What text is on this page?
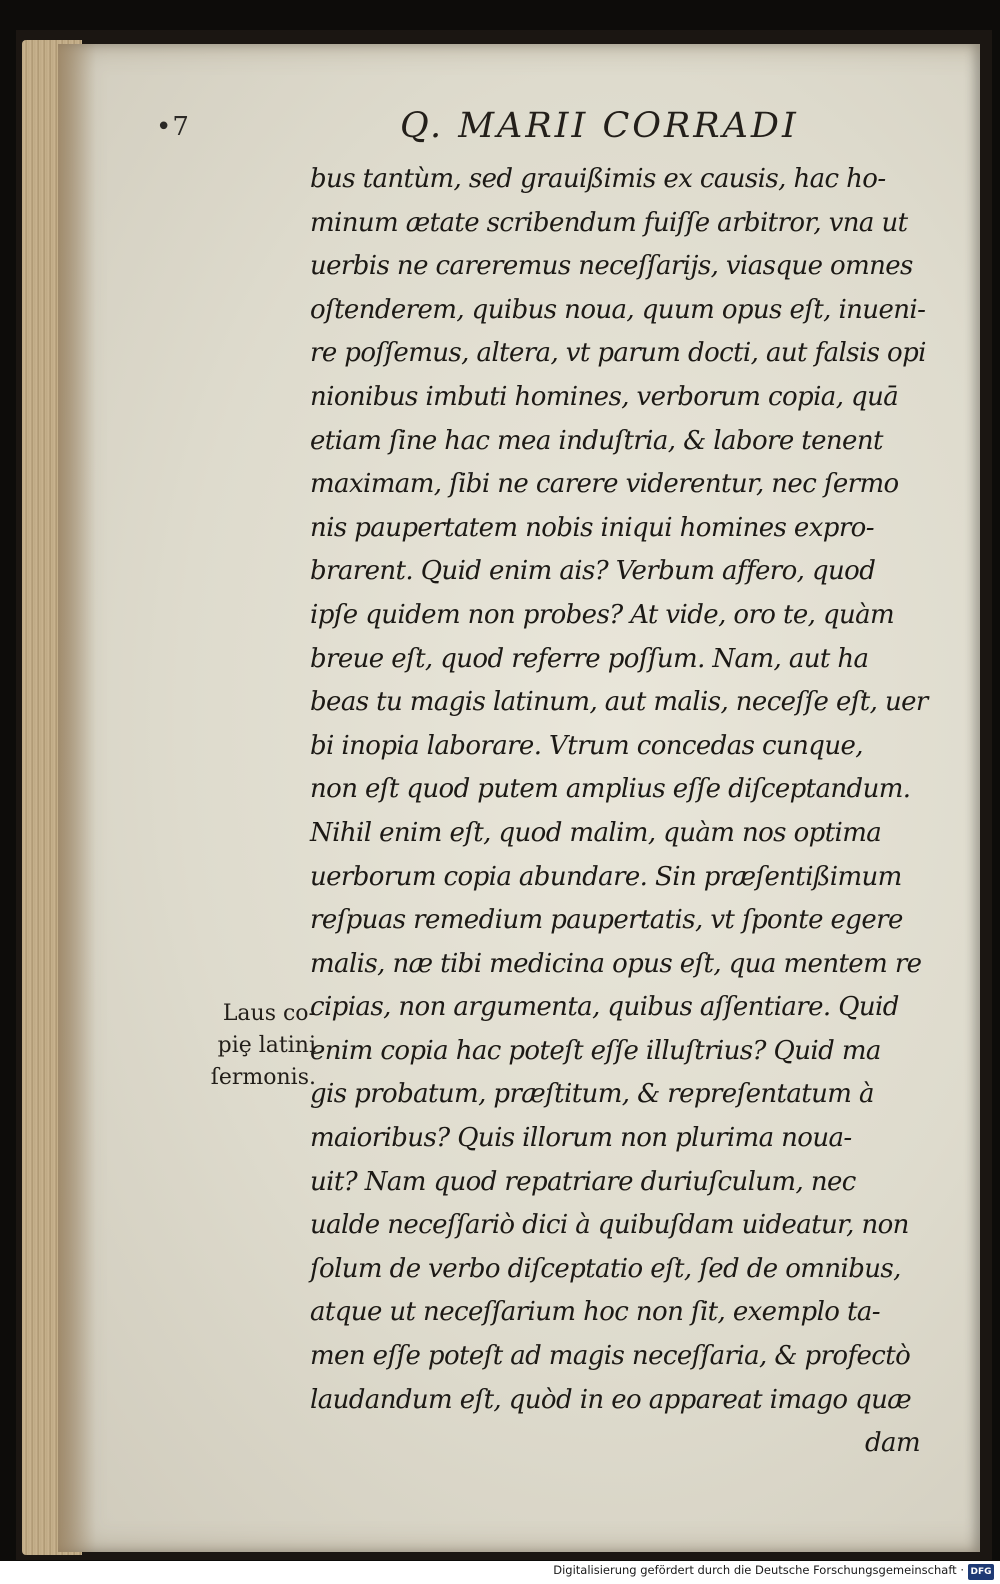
•7	Q. MARII CORRADI
bus tantùm, sed grauißimis ex causis, hac ho-
minum ætate scribendum fuiſſe arbitror, vna ut
uerbis ne careremus neceſſarijs, viasque omnes
oſtenderem, quibus noua, quum opus eſt, inueni-
re poſſemus, altera, vt parum docti, aut falsis opi
nionibus imbuti homines, verborum copia, quā
etiam ſine hac mea induſtria, & labore tenent
maximam, ſibi ne carere viderentur, nec ſermo
nis paupertatem nobis iniqui homines expro-
brarent. Quid enim ais? Verbum affero, quod
ipſe quidem non probes? At vide, oro te, quàm
breue eſt, quod referre poſſum. Nam, aut ha
beas tu magis latinum, aut malis, neceſſe eſt, uer
bi inopia laborare. Vtrum concedas cunque,
non eſt quod putem amplius eſſe diſceptandum.
Nihil enim eſt, quod malim, quàm nos optima
uerborum copia abundare. Sin præſentißimum
reſpuas remedium paupertatis, vt ſponte egere
malis, næ tibi medicina opus eſt, qua mentem re
cipias, non argumenta, quibus aſſentiare. Quid
enim copia hac poteſt eſſe illuſtrius? Quid ma
gis probatum, præſtitum, & repreſentatum à
maioribus? Quis illorum non plurima noua-
uit? Nam quod repatriare duriuſculum, nec
ualde neceſſariò dici à quibuſdam uideatur, non
ſolum de verbo diſceptatio eſt, ſed de omnibus,
atque ut neceſſarium hoc non ſit, exemplo ta-
men eſſe poteſt ad magis neceſſaria, & profectò
laudandum eſt, quòd in eo appareat imago quæ
dam
Laus co-
piȩ latini
ſermonis.
Digitalisierung gefördert durch die Deutsche Forschungsgemeinschaft · DFG
